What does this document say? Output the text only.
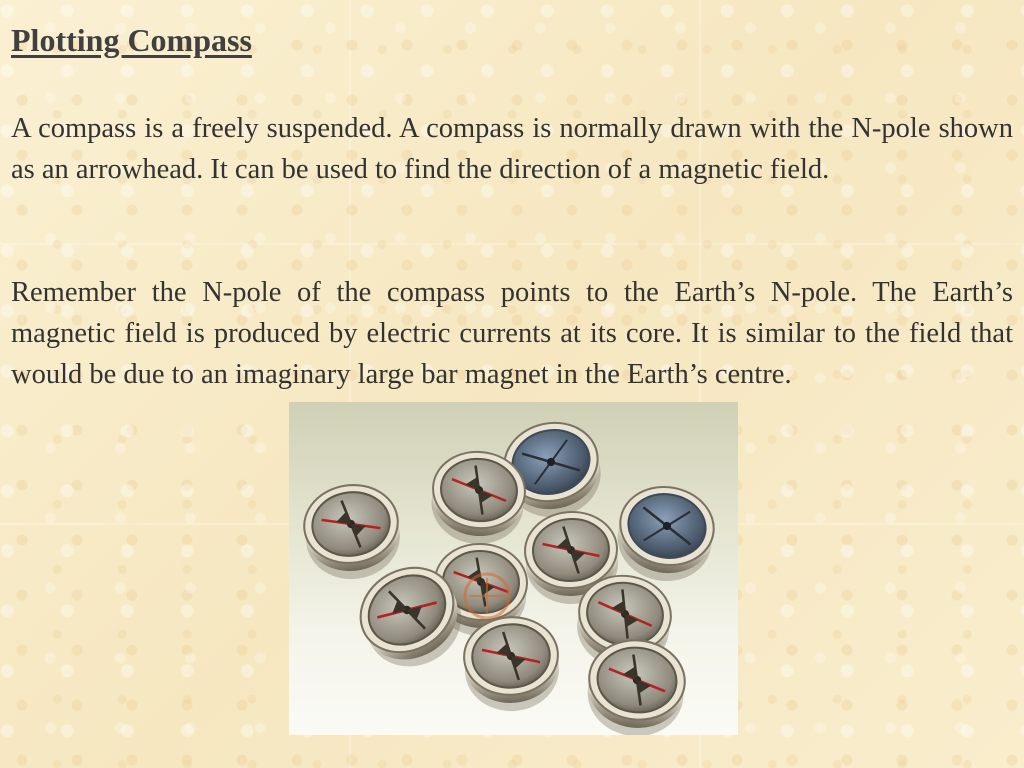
Plotting Compass

A compass is a freely suspended. A compass is normally drawn with the N-pole shown as an arrowhead. It can be used to find the direction of a magnetic field.

Remember the N-pole of the compass points to the Earth’s N-pole. The Earth’s magnetic field is produced by electric currents at its core. It is similar to the field that would be due to an imaginary large bar magnet in the Earth’s centre.
